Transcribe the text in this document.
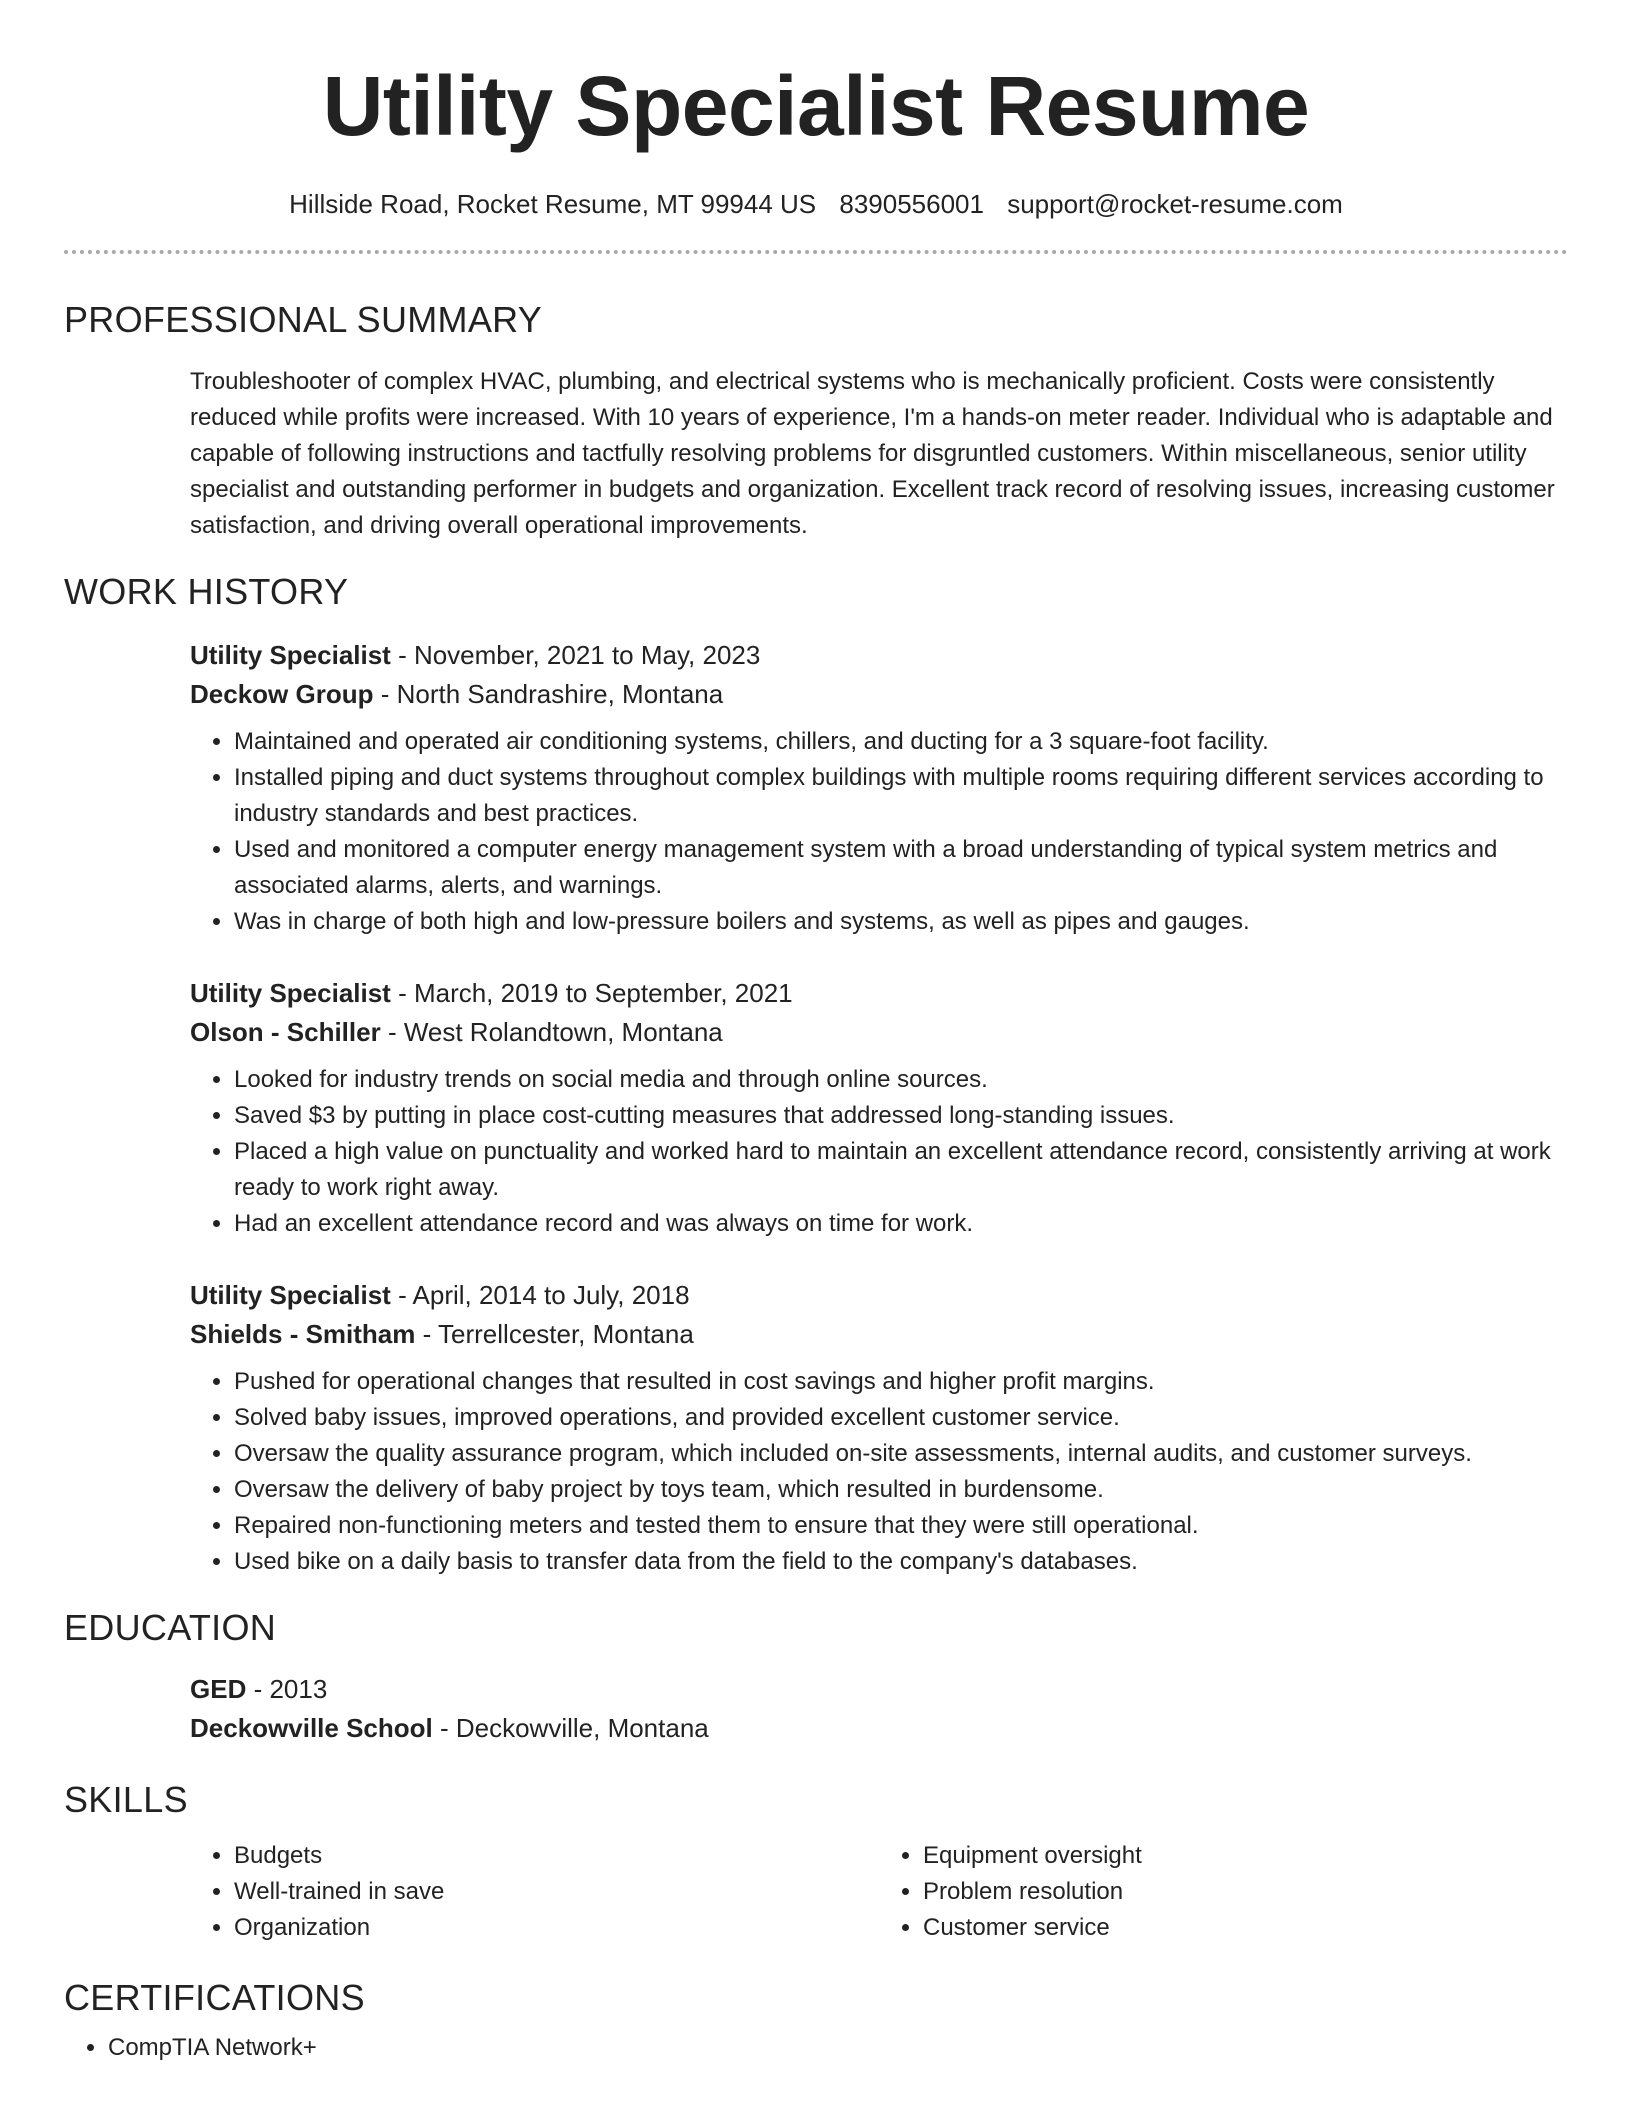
Utility Specialist Resume
Hillside Road, Rocket Resume, MT 99944 US 8390556001 support@rocket-resume.com
PROFESSIONAL SUMMARY

Troubleshooter of complex HVAC, plumbing, and electrical systems who is mechanically proficient. Costs were consistently reduced while profits were increased. With 10 years of experience, I'm a hands-on meter reader. Individual who is adaptable and capable of following instructions and tactfully resolving problems for disgruntled customers. Within miscellaneous, senior utility specialist and outstanding performer in budgets and organization. Excellent track record of resolving issues, increasing customer satisfaction, and driving overall operational improvements.

WORK HISTORY
Utility Specialist - November, 2021 to May, 2023
Deckow Group - North Sandrashire, Montana
• Maintained and operated air conditioning systems, chillers, and ducting for a 3 square-foot facility.
• Installed piping and duct systems throughout complex buildings with multiple rooms requiring different services according to industry standards and best practices.
• Used and monitored a computer energy management system with a broad understanding of typical system metrics and associated alarms, alerts, and warnings.
• Was in charge of both high and low-pressure boilers and systems, as well as pipes and gauges.
Utility Specialist - March, 2019 to September, 2021
Olson - Schiller - West Rolandtown, Montana
• Looked for industry trends on social media and through online sources.
• Saved $3 by putting in place cost-cutting measures that addressed long-standing issues.
• Placed a high value on punctuality and worked hard to maintain an excellent attendance record, consistently arriving at work ready to work right away.
• Had an excellent attendance record and was always on time for work.
Utility Specialist - April, 2014 to July, 2018
Shields - Smitham - Terrellcester, Montana
• Pushed for operational changes that resulted in cost savings and higher profit margins.
• Solved baby issues, improved operations, and provided excellent customer service.
• Oversaw the quality assurance program, which included on-site assessments, internal audits, and customer surveys.
• Oversaw the delivery of baby project by toys team, which resulted in burdensome.
• Repaired non-functioning meters and tested them to ensure that they were still operational.
• Used bike on a daily basis to transfer data from the field to the company's databases.
EDUCATION
GED - 2013
Deckowville School - Deckowville, Montana
SKILLS
• Budgets
• Well-trained in save
• Organization
• Equipment oversight
• Problem resolution
• Customer service
CERTIFICATIONS
• CompTIA Network+
